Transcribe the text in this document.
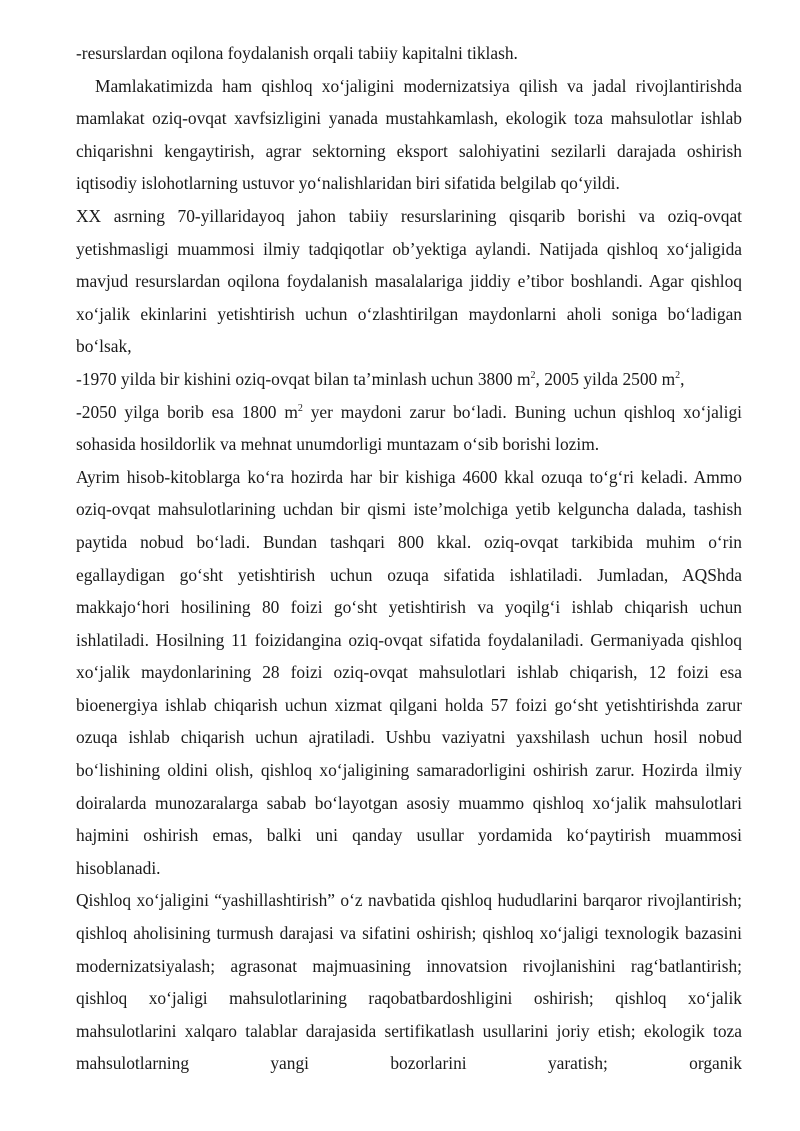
-resurslardan oqilona foydalanish orqali tabiiy kapitalni tiklash.

Mamlakatimizda ham qishloq xo‘jaligini modernizatsiya qilish va jadal rivojlantirishda mamlakat oziq-ovqat xavfsizligini yanada mustahkamlash, ekologik toza mahsulotlar ishlab chiqarishni kengaytirish, agrar sektorning eksport salohiyatini sezilarli darajada oshirish iqtisodiy islohotlarning ustuvor yo‘nalishlaridan biri sifatida belgilab qo‘yildi.

XX asrning 70-yillaridayoq jahon tabiiy resurslarining qisqarib borishi va oziq-ovqat yetishmasligi muammosi ilmiy tadqiqotlar ob’yektiga aylandi. Natijada qishloq xo‘jaligida mavjud resurslardan oqilona foydalanish masalalariga jiddiy e’tibor boshlandi. Agar qishloq xo‘jalik ekinlarini yetishtirish uchun o‘zlashtirilgan maydonlarni aholi soniga bo‘ladigan bo‘lsak,

-1970 yilda bir kishini oziq-ovqat bilan ta’minlash uchun 3800 $m^2$, 2005 yilda 2500 $m^2$,

-2050 yilga borib esa 1800 $m^2$ yer maydoni zarur bo‘ladi. Buning uchun qishloq xo‘jaligi sohasida hosildorlik va mehnat unumdorligi muntazam o‘sib borishi lozim.

Ayrim hisob-kitoblarga ko‘ra hozirda har bir kishiga 4600 kkal ozuqa to‘g‘ri keladi. Ammo oziq-ovqat mahsulotlarining uchdan bir qismi iste’molchiga yetib kelguncha dalada, tashish paytida nobud bo‘ladi. Bundan tashqari 800 kkal. oziq-ovqat tarkibida muhim o‘rin egallaydigan go‘sht yetishtirish uchun ozuqa sifatida ishlatiladi. Jumladan, AQShda makkajo‘hori hosilining 80 foizi go‘sht yetishtirish va yoqilg‘i ishlab chiqarish uchun ishlatiladi. Hosilning 11 foizidangina oziq-ovqat sifatida foydalaniladi. Germaniyada qishloq xo‘jalik maydonlarining 28 foizi oziq-ovqat mahsulotlari ishlab chiqarish, 12 foizi esa bioenergiya ishlab chiqarish uchun xizmat qilgani holda 57 foizi go‘sht yetishtirishda zarur ozuqa ishlab chiqarish uchun ajratiladi. Ushbu vaziyatni yaxshilash uchun hosil nobud bo‘lishining oldini olish, qishloq xo‘jaligining samaradorligini oshirish zarur. Hozirda ilmiy doiralarda munozaralarga sabab bo‘layotgan asosiy muammo qishloq xo‘jalik mahsulotlari hajmini oshirish emas, balki uni qanday usullar yordamida ko‘paytirish muammosi hisoblanadi.

Qishloq xo‘jaligini “yashillashtirish” o‘z navbatida qishloq hududlarini barqaror rivojlantirish; qishloq aholisining turmush darajasi va sifatini oshirish; qishloq xo‘jaligi texnologik bazasini modernizatsiyalash; agrasonat majmuasining innovatsion rivojlanishini rag‘batlantirish; qishloq xo‘jaligi mahsulotlarining raqobatbardoshligini oshirish; qishloq xo‘jalik mahsulotlarini xalqaro talablar darajasida sertifikatlash usullarini joriy etish; ekologik toza mahsulotlarning yangi bozorlarini yaratish; organik
